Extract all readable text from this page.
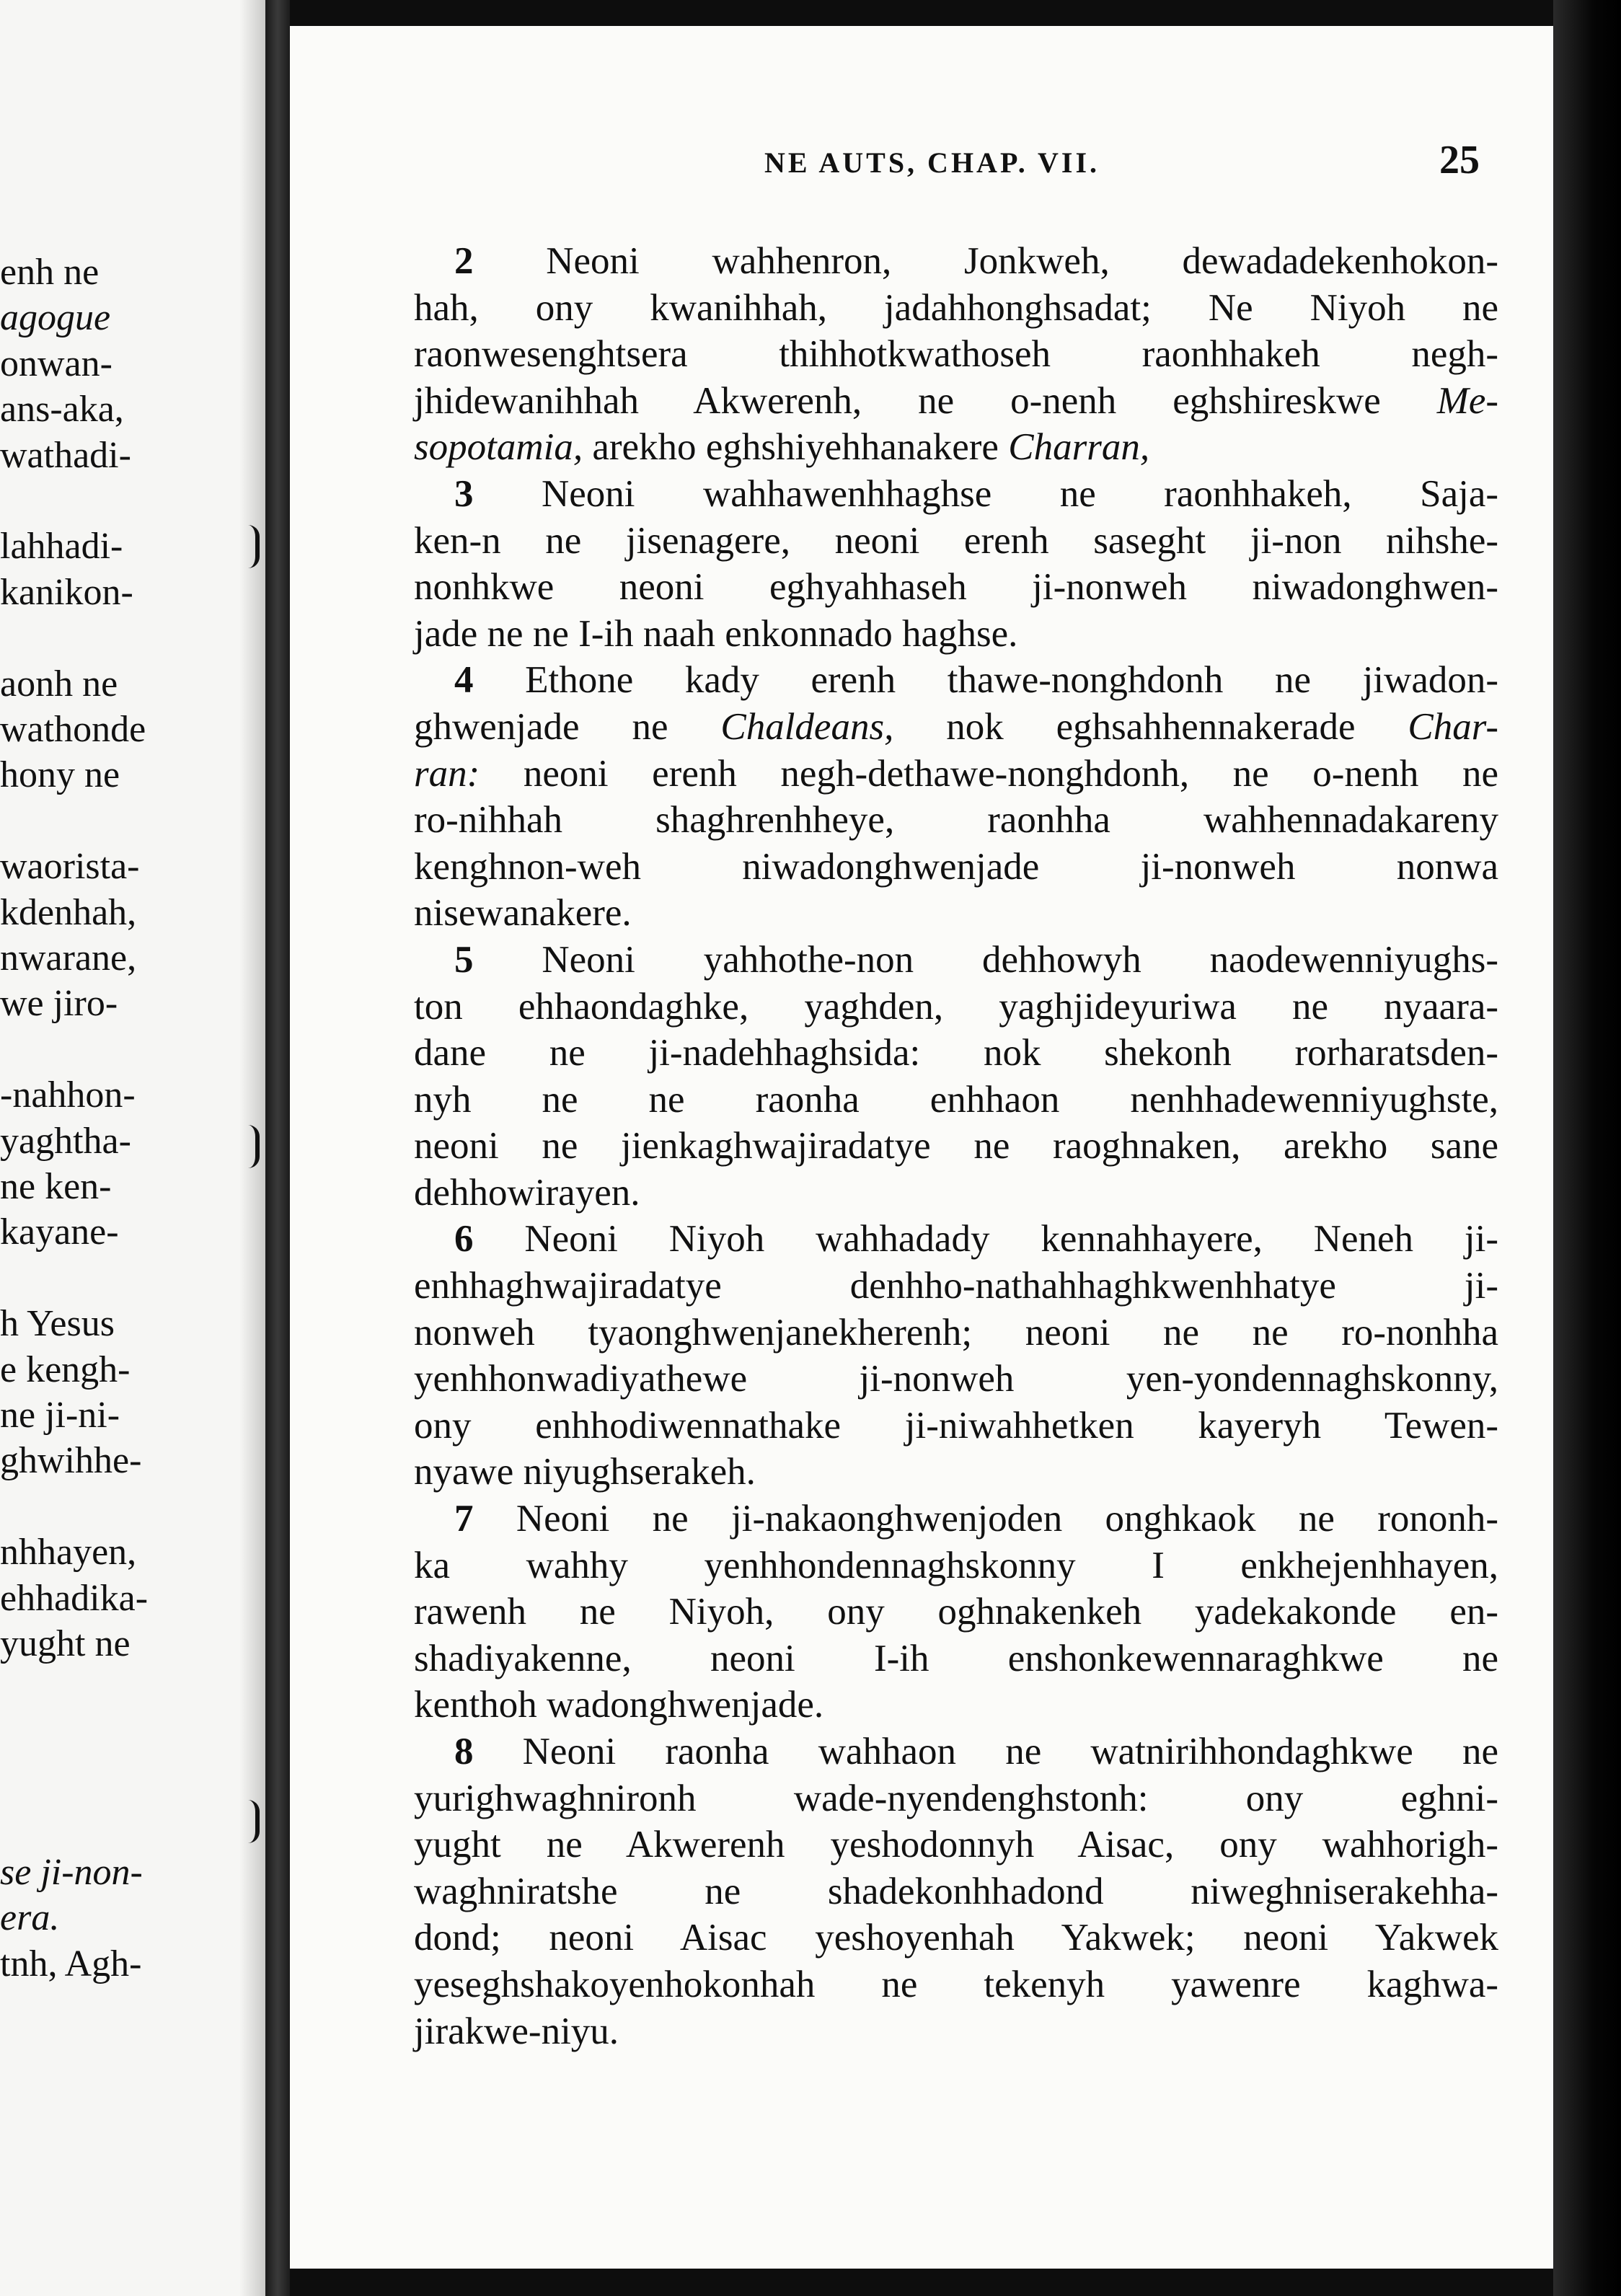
enh ne
agogue
onwan-
ans-aka,
wathadi-
lahhadi-
kanikon-
aonh ne
wathonde
hony ne
waorista-
kdenhah,
nwarane,
we jiro-
-nahhon-
yaghtha-
ne ken-
kayane-
h Yesus
e kengh-
ne ji-ni-
ghwihhe-
nhhayen,
ehhadika-
yught ne
se ji-non-
era.
tnh, Agh-
NE AUTS, CHAP. VII.	25
2 Neoni wahhenron, Jonkweh, dewadadekenhokon-
hah, ony kwanihhah, jadahhonghsadat; Ne Niyoh ne
raonwesenghtsera thihhotkwathoseh raonhhakeh negh-
jhidewanihhah Akwerenh, ne o-nenh eghshireskwe Me-
sopotamia, arekho eghshiyehhanakere Charran,
3 Neoni wahhawenhhaghse ne raonhhakeh, Saja-
ken-n ne jisenagere, neoni erenh saseght ji-non nihshe-
nonhkwe neoni eghyahhaseh ji-nonweh niwadonghwen-
jade ne ne I-ih naah enkonnado haghse.
4 Ethone kady erenh thawe-nonghdonh ne jiwadon-
ghwenjade ne Chaldeans, nok eghsahhennakerade Char-
ran: neoni erenh negh-dethawe-nonghdonh, ne o-nenh ne
ro-nihhah shaghrenhheye, raonhha wahhennadakareny
kenghnon-weh	niwadonghwenjade	ji-nonweh	nonwa
nisewanakere.
5 Neoni yahhothe-non dehhowyh naodewenniyughs-
ton ehhaondaghke, yaghden, yaghjideyuriwa ne nyaara-
dane ne ji-nadehhaghsida: nok shekonh rorharatsden-
nyh ne ne raonha enhhaon nenhhadewenniyughste,
neoni ne jienkaghwajiradatye ne raoghnaken, arekho sane
dehhowirayen.
6 Neoni Niyoh wahhadady kennahhayere, Neneh ji-
enhhaghwajiradatye	denhho-nathahhaghkwenhhatye	ji-
nonweh tyaonghwenjanekherenh; neoni ne ne ro-nonhha
yenhhonwadiyathewe	ji-nonweh	yen-yondennaghskonny,
ony enhhodiwennathake ji-niwahhetken kayeryh Tewen-
nyawe niyughserakeh.
7 Neoni ne ji-nakaonghwenjoden onghkaok ne rononh-
ka wahhy yenhhondennaghskonny I enkhejenhhayen,
rawenh ne Niyoh, ony oghnakenkeh yadekakonde en-
shadiyakenne, neoni I-ih enshonkewennaraghkwe ne
kenthoh wadonghwenjade.
8 Neoni raonha wahhaon ne watnirihhondaghkwe ne
yurighwaghnironh	wade-nyendenghstonh:	ony	eghni-
yught ne Akwerenh yeshodonnyh Aisac, ony wahhorigh-
waghniratshe ne shadekonhhadond niweghniserakehha-
dond; neoni Aisac yeshoyenhah Yakwek; neoni Yakwek
yeseghshakoyenhokonhah ne tekenyh yawenre kaghwa-
jirakwe-niyu.
